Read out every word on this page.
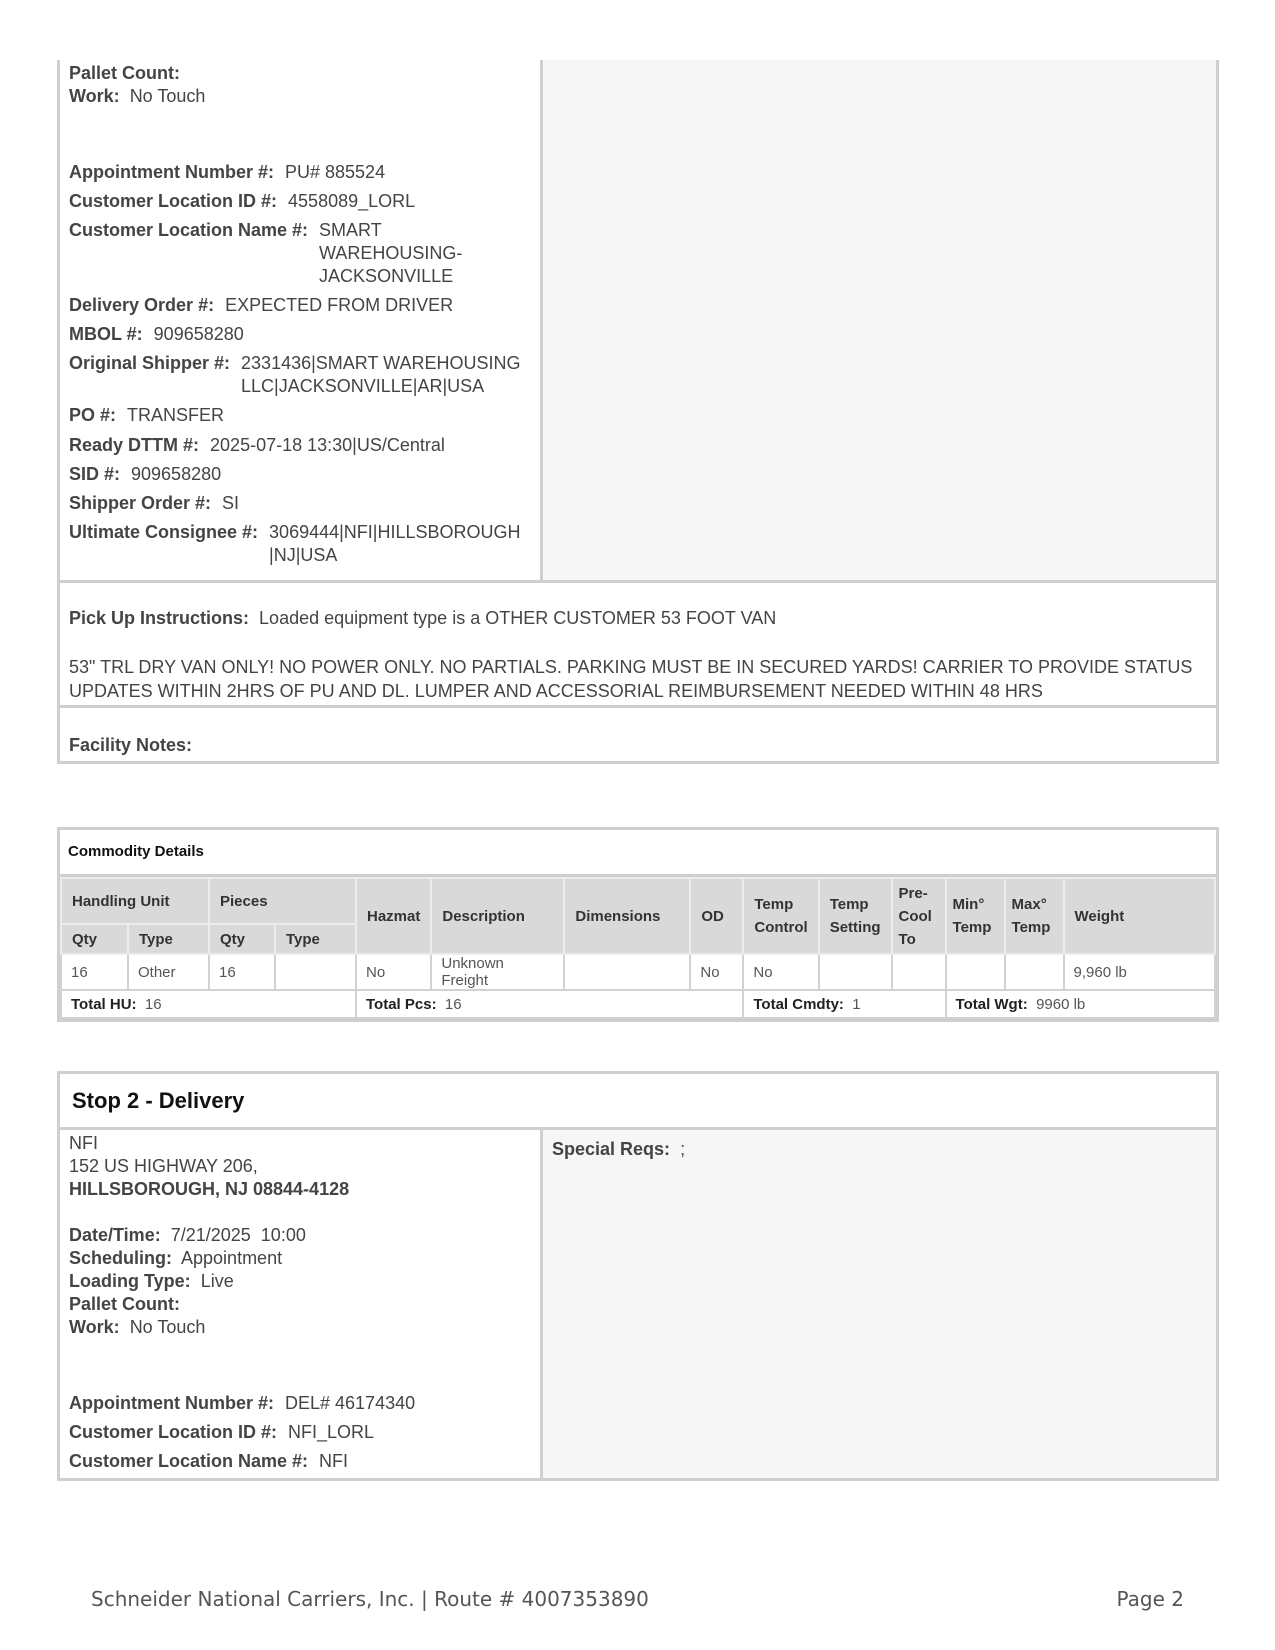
Pallet Count:
Work: No Touch
Appointment Number #: PU# 885524
Customer Location ID #: 4558089_LORL
Customer Location Name #: SMART
WAREHOUSING-
JACKSONVILLE
Delivery Order #: EXPECTED FROM DRIVER
MBOL #: 909658280
Original Shipper #: 2331436|SMART WAREHOUSING
LLC|JACKSONVILLE|AR|USA
PO #: TRANSFER
Ready DTTM #: 2025-07-18 13:30|US/Central
SID #: 909658280
Shipper Order #: SI
Ultimate Consignee #: 3069444|NFI|HILLSBOROUGH
|NJ|USA
Pick Up Instructions: Loaded equipment type is a OTHER CUSTOMER 53 FOOT VAN
53" TRL DRY VAN ONLY! NO POWER ONLY. NO PARTIALS. PARKING MUST BE IN SECURED YARDS! CARRIER TO PROVIDE STATUS UPDATES WITHIN 2HRS OF PU AND DL. LUMPER AND ACCESSORIAL REIMBURSEMENT NEEDED WITHIN 48 HRS
Facility Notes:
Commodity Details
Handling Unit		Pieces		Hazmat	Description	Dimensions	OD	Temp Control	Temp Setting	Pre-Cool To	Min° Temp	Max° Temp	Weight
Qty	Type	Qty	Type										
16	Other	16		No	Unknown Freight		No	No					9,960 lb
Total HU: 16				Total Pcs: 16				Total Cmdty: 1			Total Wgt: 9960 lb		
Stop 2 - Delivery
NFI
152 US HIGHWAY 206,
HILLSBOROUGH, NJ 08844-4128
Date/Time: 7/21/2025  10:00
Scheduling: Appointment
Loading Type: Live
Pallet Count:
Work: No Touch
Appointment Number #: DEL# 46174340
Customer Location ID #: NFI_LORL
Customer Location Name #: NFI
Special Reqs: ;
Schneider National Carriers, Inc. | Route # 4007353890	Page 2
